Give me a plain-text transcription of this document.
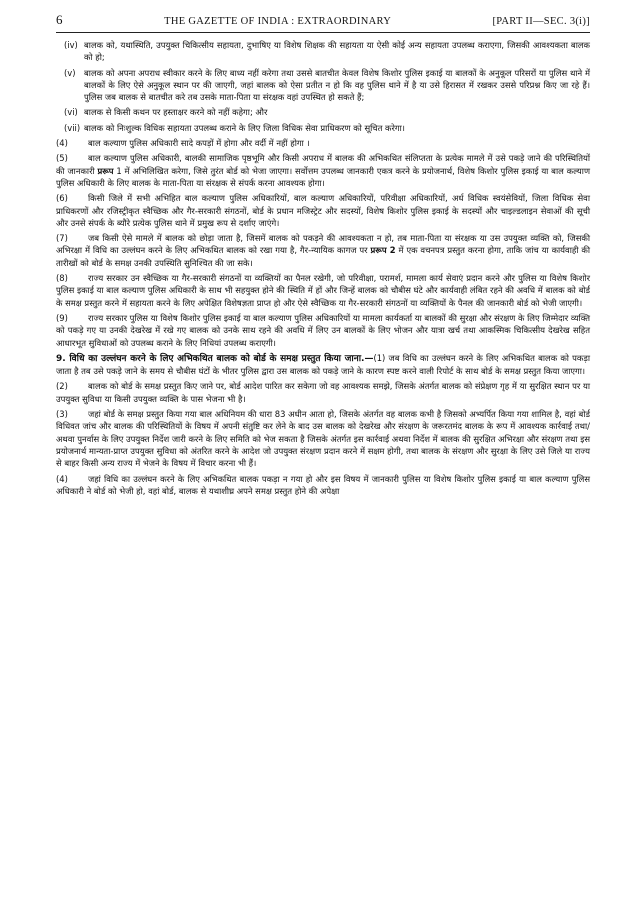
6	THE GAZETTE OF INDIA : EXTRAORDINARY	[PART II—SEC. 3(i)]
(iv) बालक को, यथास्थिति, उपयुक्त चिकित्सीय सहायता, दुभाषिए या विशेष शिक्षक की सहायता या ऐसी कोई अन्य सहायता उपलब्ध कराएगा, जिसकी आवश्यकता बालक को हो;
(v)	बालक को अपना अपराध स्वीकार करने के लिए बाध्य नहीं करेगा तथा उससे बातचीत केवल विशेष किशोर पुलिस इकाई या बालकों के अनुकूल परिसरों या पुलिस थाने में बालकों के लिए ऐसे अनुकूल स्थान पर की जाएगी, जहां बालक को ऐसा प्रतीत न हो कि वह पुलिस थाने में है या उसे हिरासत में रखकर उससे परिप्रश्न किए जा रहे हैं। पुलिस जब बालक से बातचीत करे तब उसके माता-पिता या संरक्षक वहां उपस्थित हो सकते हैं;
(vi) बालक से किसी कथन पर हस्ताक्षर करने को नहीं कहेगा; और
(vii) बालक को निःशुल्क विधिक सहायता उपलब्ध कराने के लिए जिला विधिक सेवा प्राधिकरण को सूचित करेगा।

(4) बाल कल्याण पुलिस अधिकारी सादे कपड़ों में होगा और वर्दी में नहीं होगा ।

(5) बाल कल्याण पुलिस अधिकारी, बालकी सामाजिक पृष्ठभूमि और किसी अपराध में बालक की अभिकथित संलिप्तता के प्रत्येक मामले में उसे पकड़े जाने की परिस्थितियों की जानकारी प्ररूप 1 में अभिलिखित करेगा, जिसे तुरंत बोर्ड को भेजा जाएगा। सर्वोत्तम उपलब्ध जानकारी एकत्र करने के प्रयोजनार्थ, विशेष किशोर पुलिस इकाई या बाल कल्याण पुलिस अधिकारी के लिए बालक के माता-पिता या संरक्षक से संपर्क करना आवश्यक होगा।

(6) किसी जिले में सभी अभिहित बाल कल्याण पुलिस अधिकारियों, बाल कल्याण अधिकारियों, परिवीक्षा अधिकारियों, अर्ध विधिक स्वयंसेवियों, जिला विधिक सेवा प्राधिकरणों और रजिस्ट्रीकृत स्वैच्छिक और गैर-सरकारी संगठनों, बोर्ड के प्रधान मजिस्ट्रेट और सदस्यों, विशेष किशोर पुलिस इकाई के सदस्यों और चाइल्डलाइन सेवाओं की सूची और उनसे संपर्क के ब्यौरे प्रत्येक पुलिस थाने में प्रमुख रूप से दर्शाए जाएंगे।

(7) जब किसी ऐसे मामले में बालक को छोड़ा जाता है, जिसमें बालक को पकड़ने की आवश्यकता न हो, तब माता-पिता या संरक्षक या उस उपयुक्त व्यक्ति को, जिसकी अभिरक्षा में विधि का उल्लंघन करने के लिए अभिकथित बालक को रखा गया है, गैर-न्यायिक कागज पर प्ररूप 2 में एक वचनपत्र प्रस्तुत करना होगा, ताकि जांच या कार्यवाही की तारीखों को बोर्ड के समक्ष उनकी उपस्थिति सुनिश्चित की जा सके।

(8) राज्य सरकार उन स्वैच्छिक या गैर-सरकारी संगठनों या व्यक्तियों का पैनल रखेगी, जो परिवीक्षा, परामर्श, मामला कार्य सेवाएं प्रदान करने और पुलिस या विशेष किशोर पुलिस इकाई या बाल कल्याण पुलिस अधिकारी के साथ भी सहयुक्त होने की स्थिति में हों और जिन्हें बालक को चौबीस घंटे और कार्यवाही लंबित रहने की अवधि में बालक को बोर्ड के समक्ष प्रस्तुत करने में सहायता करने के लिए अपेक्षित विशेषज्ञता प्राप्त हो और ऐसे स्वैच्छिक या गैर-सरकारी संगठनों या व्यक्तियों के पैनल की जानकारी बोर्ड को भेजी जाएगी।

(9) राज्य सरकार पुलिस या विशेष किशोर पुलिस इकाई या बाल कल्याण पुलिस अधिकारियों या मामला कार्यकर्ता या बालकों की सुरक्षा और संरक्षण के लिए जिम्मेदार व्यक्ति को पकड़े गए या उनकी देखरेख में रखे गए बालक को उनके साथ रहने की अवधि में लिए उन बालकों के लिए भोजन और यात्रा खर्च तथा आकस्मिक चिकित्सीय देखरेख सहित आधारभूत सुविधाओं को उपलब्ध कराने के लिए निधियां उपलब्ध कराएगी।

9. विधि का उल्लंघन करने के लिए अभिकथित बालक को बोर्ड के समक्ष प्रस्तुत किया जाना.—(1) जब विधि का उल्लंघन करने के लिए अभिकथित बालक को पकड़ा जाता है तब उसे पकड़े जाने के समय से चौबीस घंटों के भीतर पुलिस द्वारा उस बालक को पकड़े जाने के कारण स्पष्ट करने वाली रिपोर्ट के साथ बोर्ड के समक्ष प्रस्तुत किया जाएगा।

(2) बालक को बोर्ड के समक्ष प्रस्तुत किए जाने पर, बोर्ड आदेश पारित कर सकेगा जो वह आवश्यक समझे, जिसके अंतर्गत बालक को संप्रेक्षण गृह में या सुरक्षित स्थान पर या उपयुक्त सुविधा या किसी उपयुक्त व्यक्ति के पास भेजना भी है।

(3) जहां बोर्ड के समक्ष प्रस्तुत किया गया बाल अधिनियम की धारा 83 अधीन आता हो, जिसके अंतर्गत वह बालक कभी है जिसको अभ्यर्पित किया गया शामिल है, वहां बोर्ड विधिवत जांच और बालक की परिस्थितियों के विषय में अपनी संतुष्टि कर लेने के बाद उस बालक को देखरेख और संरक्षण के जरूरतमंद बालक के रूप में आवश्यक कार्रवाई तथा/अथवा पुनर्वास के लिए उपयुक्त निर्देश जारी करने के लिए समिति को भेज सकता है जिसके अंतर्गत इस कार्रवाई अथवा निर्देश में बालक की सुरक्षित अभिरक्षा और संरक्षण तथा इस प्रयोजनार्थ मान्यता-प्राप्त उपयुक्त सुविधा को अंतरित करने के आदेश जो उपयुक्त संरक्षण प्रदान करने में सक्षम होगी, तथा बालक के संरक्षण और सुरक्षा के लिए उसे जिले या राज्य से बाहर किसी अन्य राज्य में भेजने के विषय में विचार करना भी हैं।

(4) जहां विधि का उल्लंघन करने के लिए अभिकथित बालक पकड़ा न गया हो और इस विषय में जानकारी पुलिस या विशेष किशोर पुलिस इकाई या बाल कल्याण पुलिस अधिकारी ने बोर्ड को भेजी हो, वहां बोर्ड, बालक से यथाशीघ्र अपने समक्ष प्रस्तुत होने की अपेक्षा
